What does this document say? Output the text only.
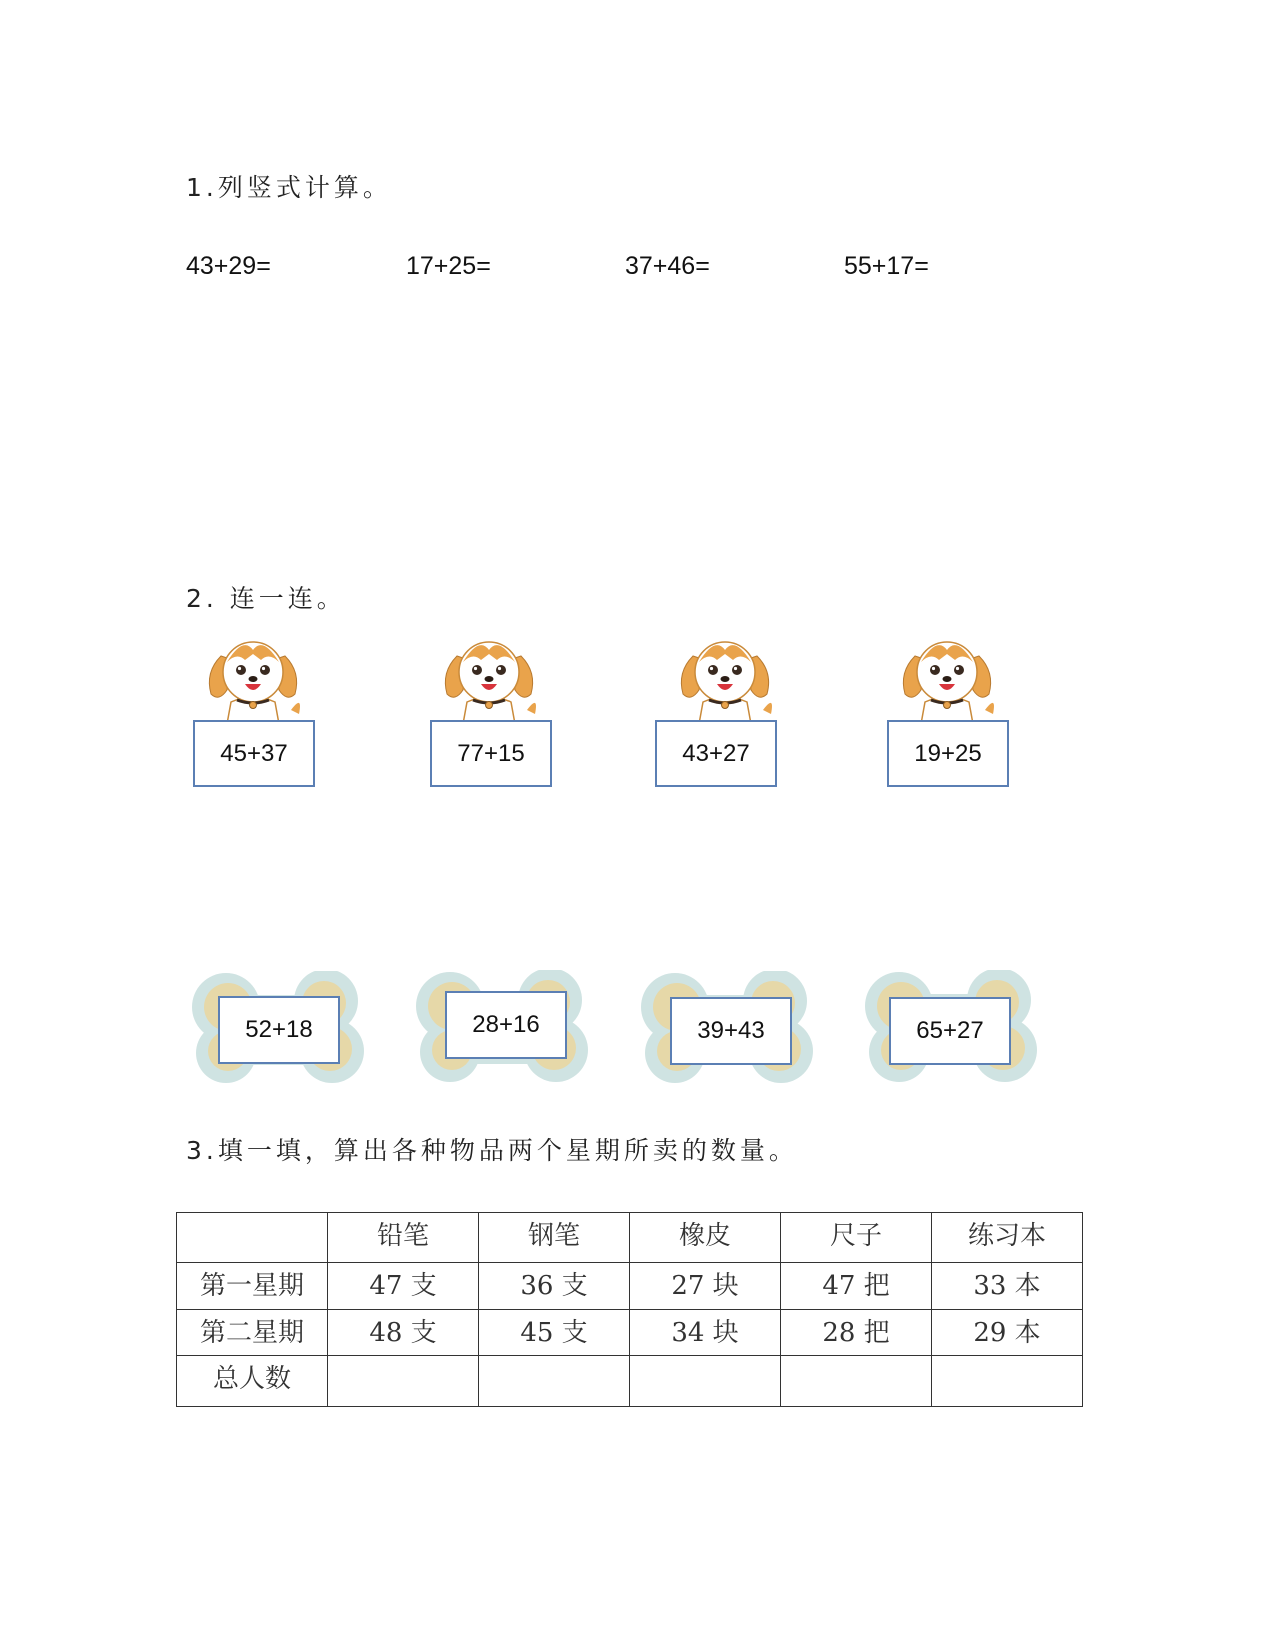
1.列竖式计算。
43+29=	17+25=	37+46=	55+17=
2. 连一连。
45+37	77+15	43+27	19+25
52+18	28+16	39+43	65+27
3.填一填，算出各种物品两个星期所卖的数量。
	铅笔	钢笔	橡皮	尺子	练习本
第一星期	47 支	36 支	27 块	47 把	33 本
第二星期	48 支	45 支	34 块	28 把	29 本
总人数					
